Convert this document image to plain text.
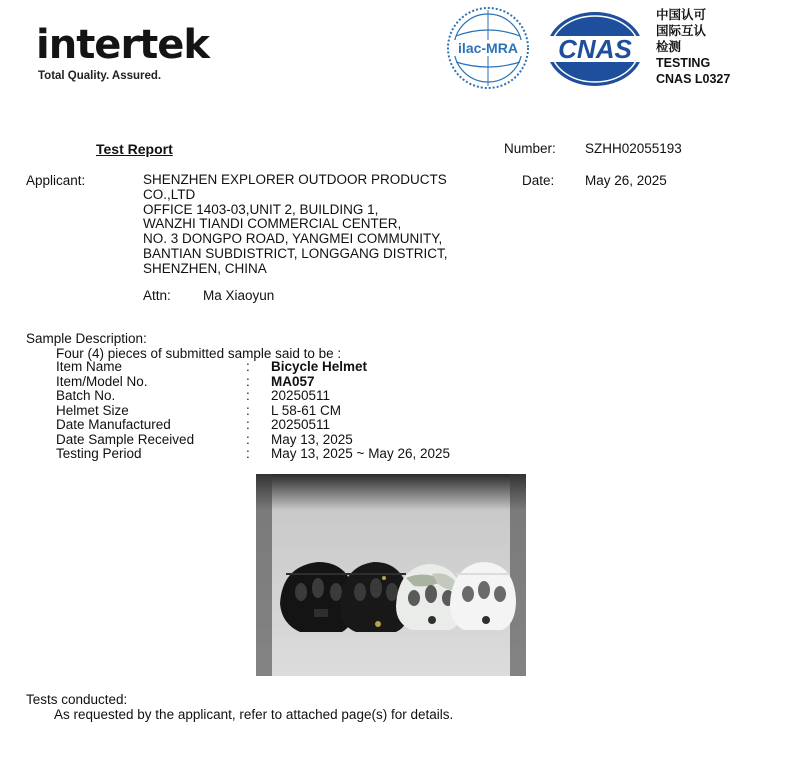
intertek
Total Quality. Assured.
ilac-MRA CNAS
中国认可
国际互认
检测
TESTING
CNAS L0327
Test Report	Number: SZHH02055193
Applicant:	SHENZHEN EXPLORER OUTDOOR PRODUCTS
CO.,LTD
OFFICE 1403-03,UNIT 2, BUILDING 1,
WANZHI TIANDI COMMERCIAL CENTER,
NO. 3 DONGPO ROAD, YANGMEI COMMUNITY,
BANTIAN SUBDISTRICT, LONGGANG DISTRICT,
SHENZHEN, CHINA
Date: May 26, 2025
Attn: Ma Xiaoyun
Sample Description:
Four (4) pieces of submitted sample said to be :
Item Name	:	Bicycle Helmet
Item/Model No.	:	MA057
Batch No.	:	20250511
Helmet Size	:	L 58-61 CM
Date Manufactured	:	20250511
Date Sample Received	:	May 13, 2025
Testing Period	:	May 13, 2025 ~ May 26, 2025
Tests conducted:
As requested by the applicant, refer to attached page(s) for details.
